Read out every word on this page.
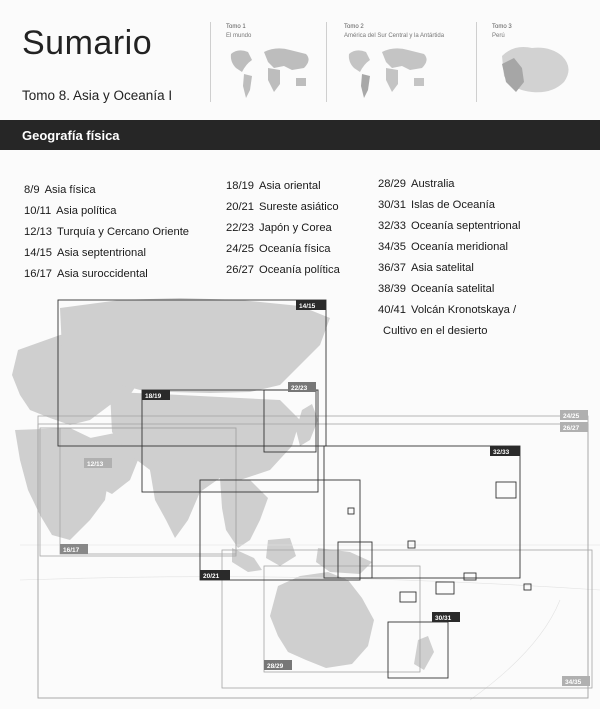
Sumario
Tomo 8. Asia y Oceanía I
Tomo 1
El mundo
Tomo 2
América del Sur Central y la Antártida
Tomo 3
Perú
Geografía física
8/9 Asia física
10/11 Asia política
12/13 Turquía y Cercano Oriente
14/15 Asia septentrional
16/17 Asia suroccidental
18/19 Asia oriental
20/21 Sureste asiático
22/23 Japón y Corea
24/25 Oceanía física
26/27 Oceanía política
28/29 Australia
30/31 Islas de Oceanía
32/33 Oceanía septentrional
34/35 Oceanía meridional
36/37 Asia satelital
38/39 Oceanía satelital
40/41 Volcán Kronotskaya /
Cultivo en el desierto
14/15
18/19
22/23
24/25
26/27
12/13
32/33
16/17
20/21
30/31
28/29
34/35
